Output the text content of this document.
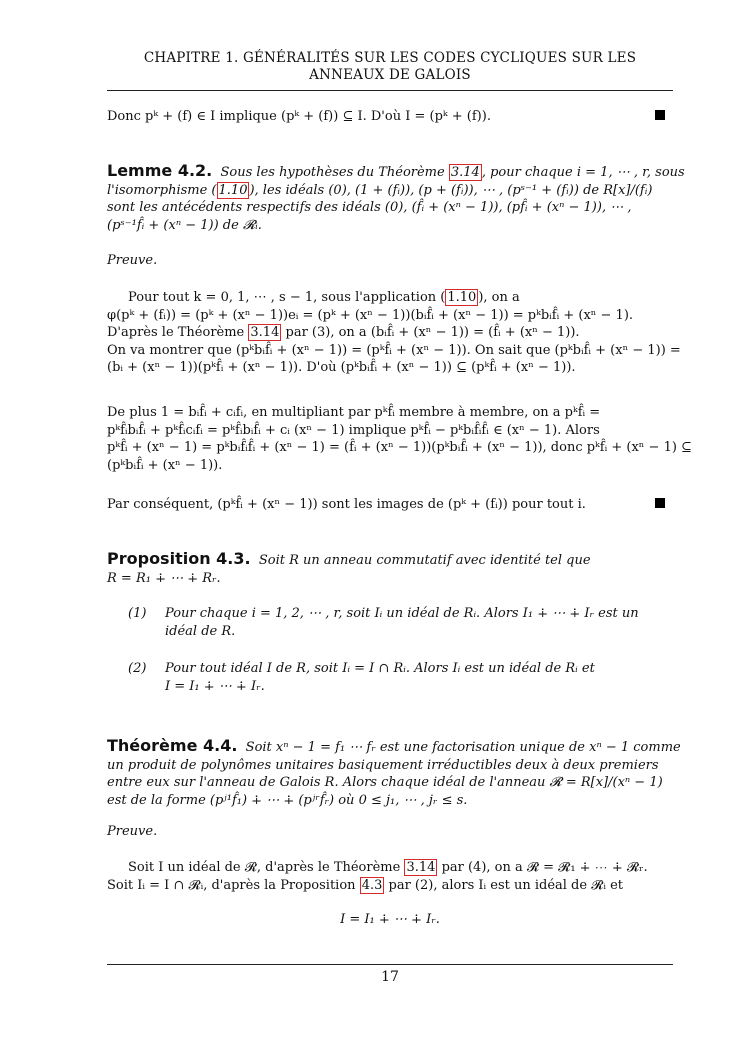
CHAPITRE 1. GÉNÉRALITÉS SUR LES CODES CYCLIQUES SUR LES
ANNEAUX DE GALOIS
Donc pᵏ + (f) ∈ I implique (pᵏ + (f)) ⊆ I. D'où I = (pᵏ + (f)).
Lemme 4.2. Sous les hypothèses du Théorème 3.14 , pour chaque i = 1, ⋯ , r, sous
l'isomorphisme ( 1.10 ), les idéals (0), (1 + (fᵢ)), (p + (fᵢ)), ⋯ , (pˢ⁻¹ + (fᵢ)) de R[x]/(fᵢ)
sont les antécédents respectifs des idéals (0), (f̂ᵢ + (xⁿ − 1)), (pf̂ᵢ + (xⁿ − 1)), ⋯ ,
(pˢ⁻¹f̂ᵢ + (xⁿ − 1)) de 𝓡ᵢ.
Preuve.
Pour tout k = 0, 1, ⋯ , s − 1, sous l'application ( 1.10 ), on a
φ(pᵏ + (fᵢ)) = (pᵏ + (xⁿ − 1))eᵢ = (pᵏ + (xⁿ − 1))(bᵢf̂ᵢ + (xⁿ − 1)) = pᵏbᵢf̂ᵢ + (xⁿ − 1).
D'après le Théorème 3.14 par (3), on a (bᵢf̂ᵢ + (xⁿ − 1)) = (f̂ᵢ + (xⁿ − 1)).
On va montrer que (pᵏbᵢf̂ᵢ + (xⁿ − 1)) = (pᵏf̂ᵢ + (xⁿ − 1)). On sait que (pᵏbᵢf̂ᵢ + (xⁿ − 1)) =
(bᵢ + (xⁿ − 1))(pᵏf̂ᵢ + (xⁿ − 1)). D'où (pᵏbᵢf̂ᵢ + (xⁿ − 1)) ⊆ (pᵏf̂ᵢ + (xⁿ − 1)).
De plus 1 = bᵢf̂ᵢ + cᵢfᵢ, en multipliant par pᵏf̂ᵢ membre à membre, on a pᵏf̂ᵢ =
pᵏf̂ᵢbᵢf̂ᵢ + pᵏf̂ᵢcᵢfᵢ = pᵏf̂ᵢbᵢf̂ᵢ + cᵢ (xⁿ − 1) implique pᵏf̂ᵢ − pᵏbᵢf̂ᵢf̂ᵢ ∈ (xⁿ − 1). Alors
pᵏf̂ᵢ + (xⁿ − 1) = pᵏbᵢf̂ᵢf̂ᵢ + (xⁿ − 1) = (f̂ᵢ + (xⁿ − 1))(pᵏbᵢf̂ᵢ + (xⁿ − 1)), donc pᵏf̂ᵢ + (xⁿ − 1) ⊆
(pᵏbᵢf̂ᵢ + (xⁿ − 1)).
Par conséquent, (pᵏf̂ᵢ + (xⁿ − 1)) sont les images de (pᵏ + (fᵢ)) pour tout i.
Proposition 4.3. Soit R un anneau commutatif avec identité tel que
R = R₁ ∔ ⋯ ∔ Rᵣ.
(1) Pour chaque i = 1, 2, ⋯ , r, soit Iᵢ un idéal de Rᵢ. Alors I₁ ∔ ⋯ ∔ Iᵣ est un
idéal de R.
(2) Pour tout idéal I de R, soit Iᵢ = I ∩ Rᵢ. Alors Iᵢ est un idéal de Rᵢ et
I = I₁ ∔ ⋯ ∔ Iᵣ.
Théorème 4.4. Soit xⁿ − 1 = f₁ ⋯ fᵣ est une factorisation unique de xⁿ − 1 comme
un produit de polynômes unitaires basiquement irréductibles deux à deux premiers
entre eux sur l'anneau de Galois R. Alors chaque idéal de l'anneau 𝓡 = R[x]/(xⁿ − 1)
est de la forme (pʲ¹f̂₁) ∔ ⋯ ∔ (pʲʳf̂ᵣ) où 0 ≤ j₁, ⋯ , jᵣ ≤ s.
Preuve.
Soit I un idéal de 𝓡, d'après le Théorème 3.14 par (4), on a 𝓡 = 𝓡₁ ∔ ⋯ ∔ 𝓡ᵣ.
Soit Iᵢ = I ∩ 𝓡ᵢ, d'après la Proposition 4.3 par (2), alors Iᵢ est un idéal de 𝓡ᵢ et
I = I₁ ∔ ⋯ ∔ Iᵣ.
17
